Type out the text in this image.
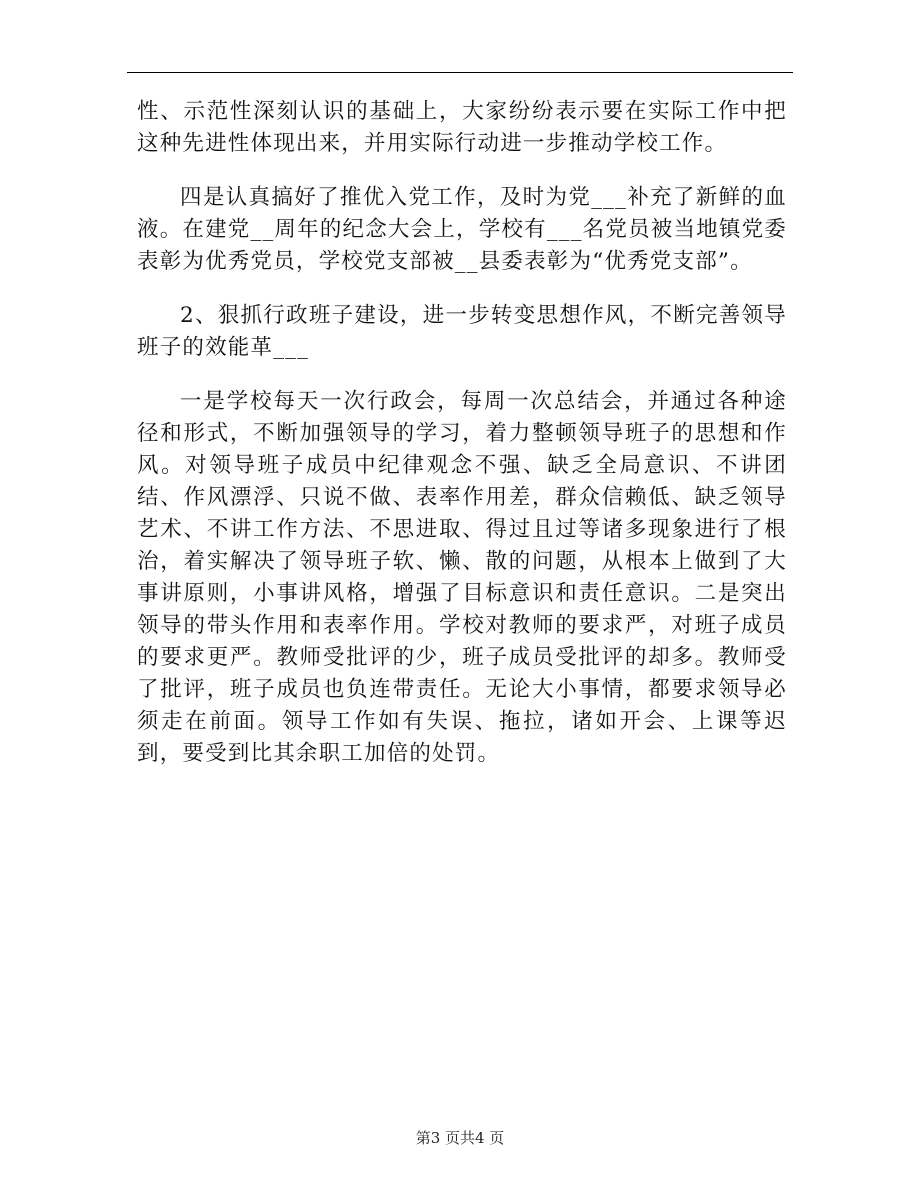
性、示范性深刻认识的基础上，大家纷纷表示要在实际工作中把这种先进性体现出来，并用实际行动进一步推动学校工作。

四是认真搞好了推优入党工作，及时为党___补充了新鲜的血液。在建党__周年的纪念大会上，学校有___名党员被当地镇党委表彰为优秀党员，学校党支部被__县委表彰为“优秀党支部”。

2、狠抓行政班子建设，进一步转变思想作风，不断完善领导班子的效能革___

一是学校每天一次行政会，每周一次总结会，并通过各种途径和形式，不断加强领导的学习，着力整顿领导班子的思想和作风。对领导班子成员中纪律观念不强、缺乏全局意识、不讲团结、作风漂浮、只说不做、表率作用差，群众信赖低、缺乏领导艺术、不讲工作方法、不思进取、得过且过等诸多现象进行了根治，着实解决了领导班子软、懒、散的问题，从根本上做到了大事讲原则，小事讲风格，增强了目标意识和责任意识。二是突出领导的带头作用和表率作用。学校对教师的要求严，对班子成员的要求更严。教师受批评的少，班子成员受批评的却多。教师受了批评，班子成员也负连带责任。无论大小事情，都要求领导必须走在前面。领导工作如有失误、拖拉，诸如开会、上课等迟到，要受到比其余职工加倍的处罚。

第3 页共4 页
